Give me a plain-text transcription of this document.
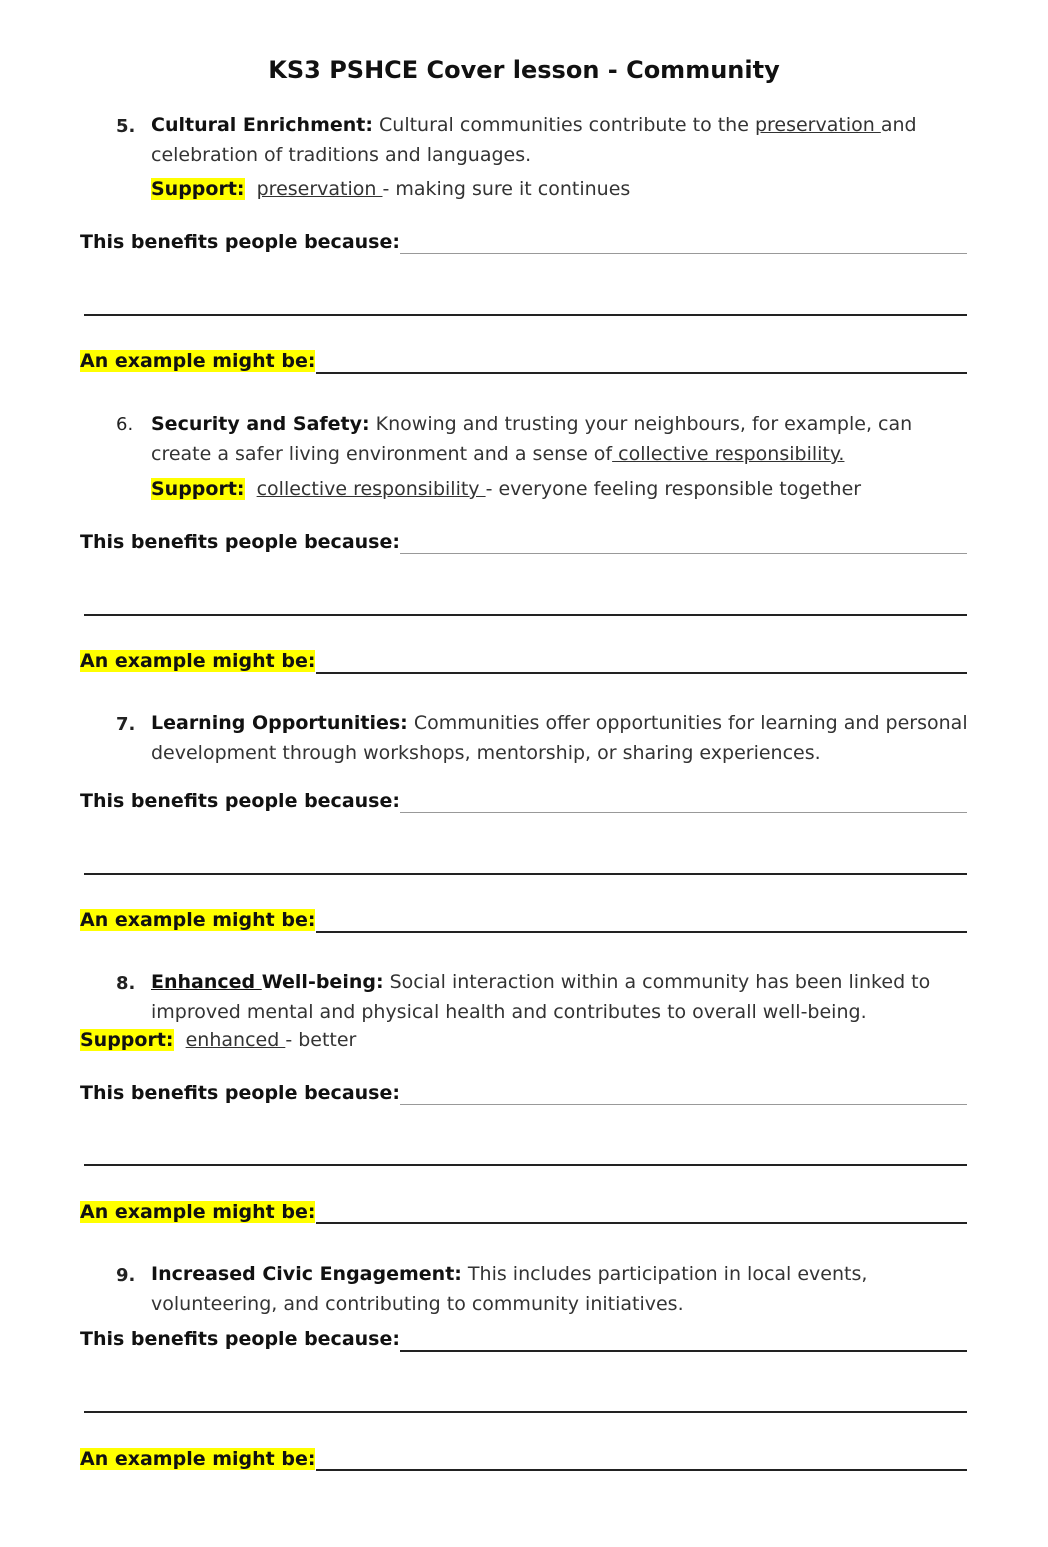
KS3 PSHCE Cover lesson - Community
5. Cultural Enrichment: Cultural communities contribute to the preservation and celebration of traditions and languages.
Support: preservation - making sure it continues
This benefits people because:
An example might be:
6. Security and Safety: Knowing and trusting your neighbours, for example, can create a safer living environment and a sense of collective responsibility.
Support: collective responsibility - everyone feeling responsible together
This benefits people because:
An example might be:
7. Learning Opportunities: Communities offer opportunities for learning and personal development through workshops, mentorship, or sharing experiences.
This benefits people because:
An example might be:
8. Enhanced Well-being: Social interaction within a community has been linked to improved mental and physical health and contributes to overall well-being.
Support: enhanced - better
This benefits people because:
An example might be:
9. Increased Civic Engagement: This includes participation in local events, volunteering, and contributing to community initiatives.
This benefits people because:
An example might be:
